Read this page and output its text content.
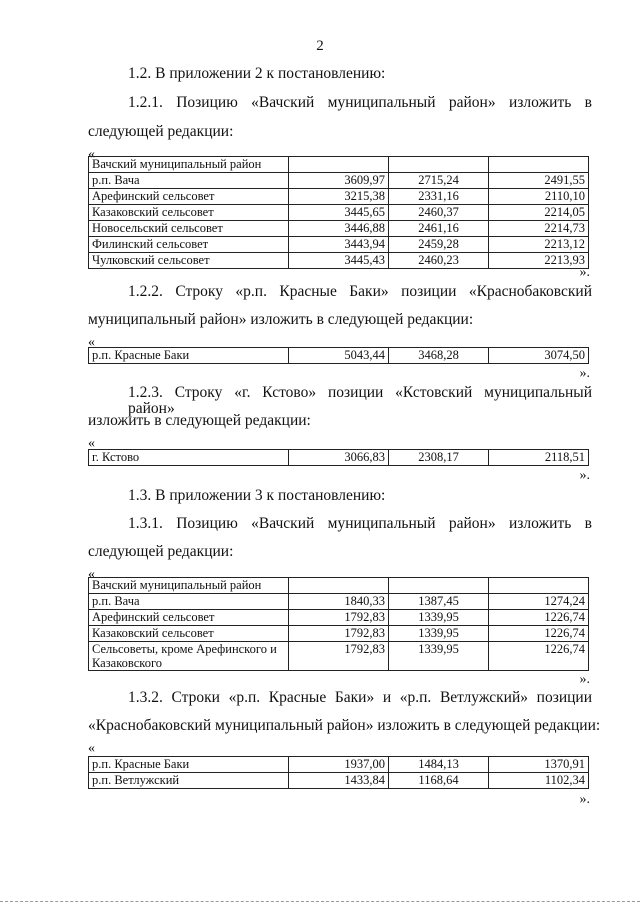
2
1.2. В приложении 2 к постановлению:
1.2.1. Позицию «Вачский муниципальный район» изложить в
следующей редакции:
«
Вачский муниципальный район			
р.п. Вача	3609,97	2715,24	2491,55
Арефинский сельсовет	3215,38	2331,16	2110,10
Казаковский сельсовет	3445,65	2460,37	2214,05
Новосельский сельсовет	3446,88	2461,16	2214,73
Филинский сельсовет	3443,94	2459,28	2213,12
Чулковский сельсовет	3445,43	2460,23	2213,93
».
1.2.2. Строку «р.п. Красные Баки» позиции «Краснобаковский
муниципальный район» изложить в следующей редакции:
«
р.п. Красные Баки	5043,44	3468,28	3074,50
».
1.2.3. Строку «г. Кстово» позиции «Кстовский муниципальный район»
изложить в следующей редакции:
«
г. Кстово	3066,83	2308,17	2118,51
».
1.3. В приложении 3 к постановлению:
1.3.1. Позицию «Вачский муниципальный район» изложить в
следующей редакции:
«
Вачский муниципальный район			
р.п. Вача	1840,33	1387,45	1274,24
Арефинский сельсовет	1792,83	1339,95	1226,74
Казаковский сельсовет	1792,83	1339,95	1226,74
Сельсоветы, кроме Арефинского и Казаковского	1792,83	1339,95	1226,74
».
1.3.2. Строки «р.п. Красные Баки» и «р.п. Ветлужский» позиции
«Краснобаковский муниципальный район» изложить в следующей редакции:
«
р.п. Красные Баки	1937,00	1484,13	1370,91
р.п. Ветлужский	1433,84	1168,64	1102,34
».
